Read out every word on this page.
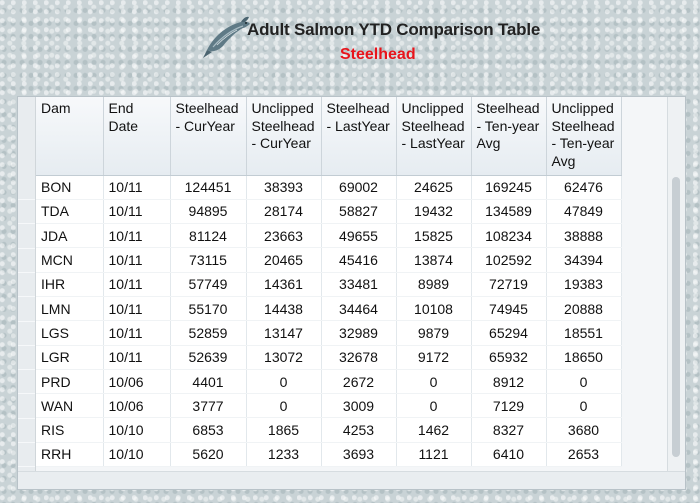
Adult Salmon YTD Comparison Table
Steelhead
Dam	End Date	Steelhead - CurYear	Unclipped Steelhead - CurYear	Steelhead - LastYear	Unclipped Steelhead - LastYear	Steelhead - Ten-year Avg	Unclipped Steelhead - Ten-year Avg
BON	10/11	124451	38393	69002	24625	169245	62476
TDA	10/11	94895	28174	58827	19432	134589	47849
JDA	10/11	81124	23663	49655	15825	108234	38888
MCN	10/11	73115	20465	45416	13874	102592	34394
IHR	10/11	57749	14361	33481	8989	72719	19383
LMN	10/11	55170	14438	34464	10108	74945	20888
LGS	10/11	52859	13147	32989	9879	65294	18551
LGR	10/11	52639	13072	32678	9172	65932	18650
PRD	10/06	4401	0	2672	0	8912	0
WAN	10/06	3777	0	3009	0	7129	0
RIS	10/10	6853	1865	4253	1462	8327	3680
RRH	10/10	5620	1233	3693	1121	6410	2653
